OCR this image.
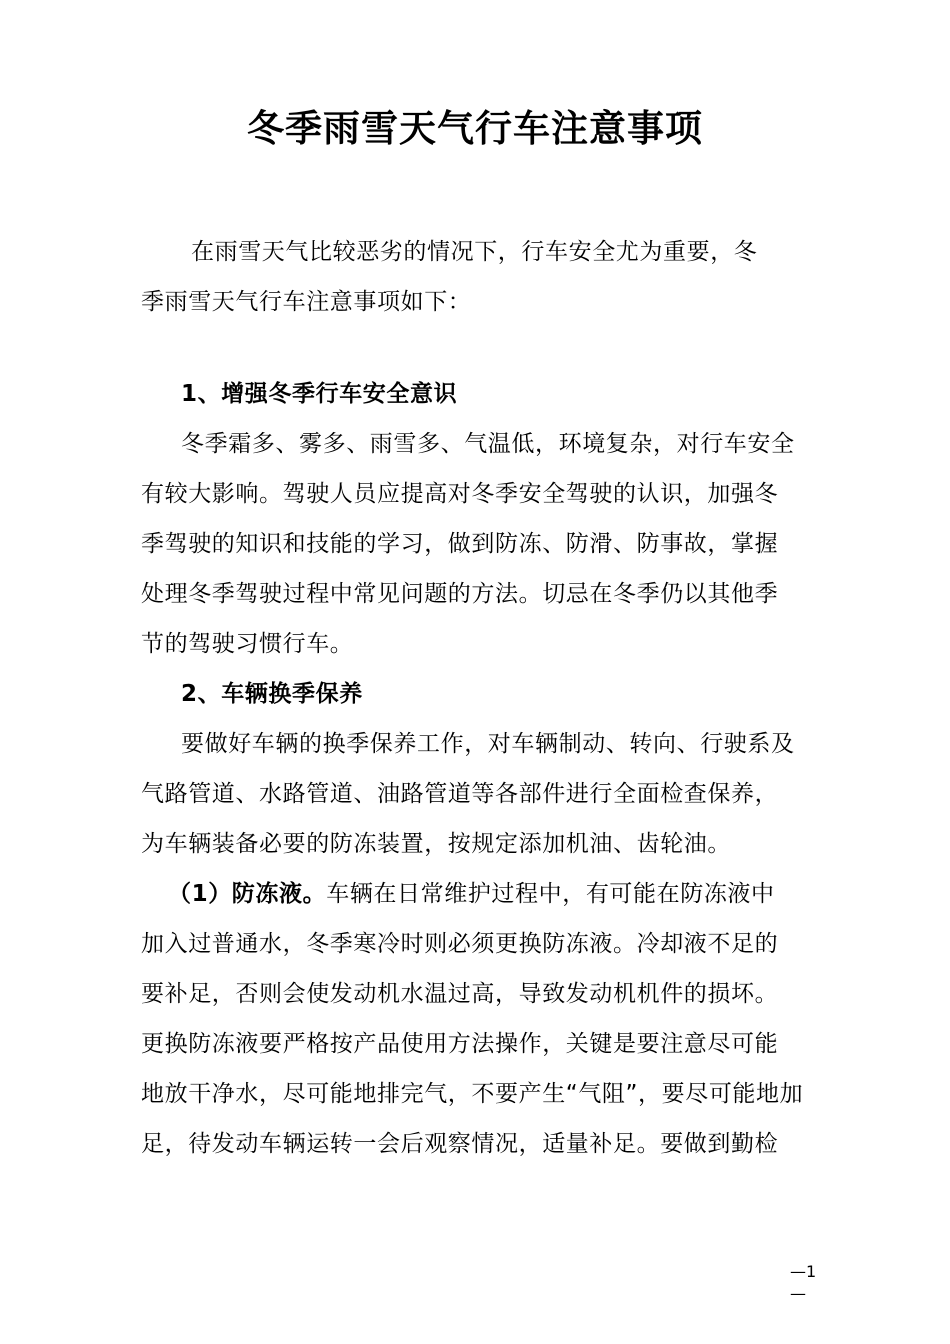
冬季雨雪天气行车注意事项
在雨雪天气比较恶劣的情况下，行车安全尤为重要，冬
季雨雪天气行车注意事项如下：
1、增强冬季行车安全意识
冬季霜多、雾多、雨雪多、气温低，环境复杂，对行车安全
有较大影响。驾驶人员应提高对冬季安全驾驶的认识，加强冬
季驾驶的知识和技能的学习，做到防冻、防滑、防事故，掌握
处理冬季驾驶过程中常见问题的方法。切忌在冬季仍以其他季
节的驾驶习惯行车。
2、车辆换季保养
要做好车辆的换季保养工作，对车辆制动、转向、行驶系及
气路管道、水路管道、油路管道等各部件进行全面检查保养，
为车辆装备必要的防冻装置，按规定添加机油、齿轮油。
（1）防冻液。车辆在日常维护过程中，有可能在防冻液中
加入过普通水，冬季寒冷时则必须更换防冻液。冷却液不足的
要补足，否则会使发动机水温过高，导致发动机机件的损坏。
更换防冻液要严格按产品使用方法操作，关键是要注意尽可能
地放干净水，尽可能地排完气，不要产生“气阻”，要尽可能地加
足，待发动车辆运转一会后观察情况，适量补足。要做到勤检
—1
—
